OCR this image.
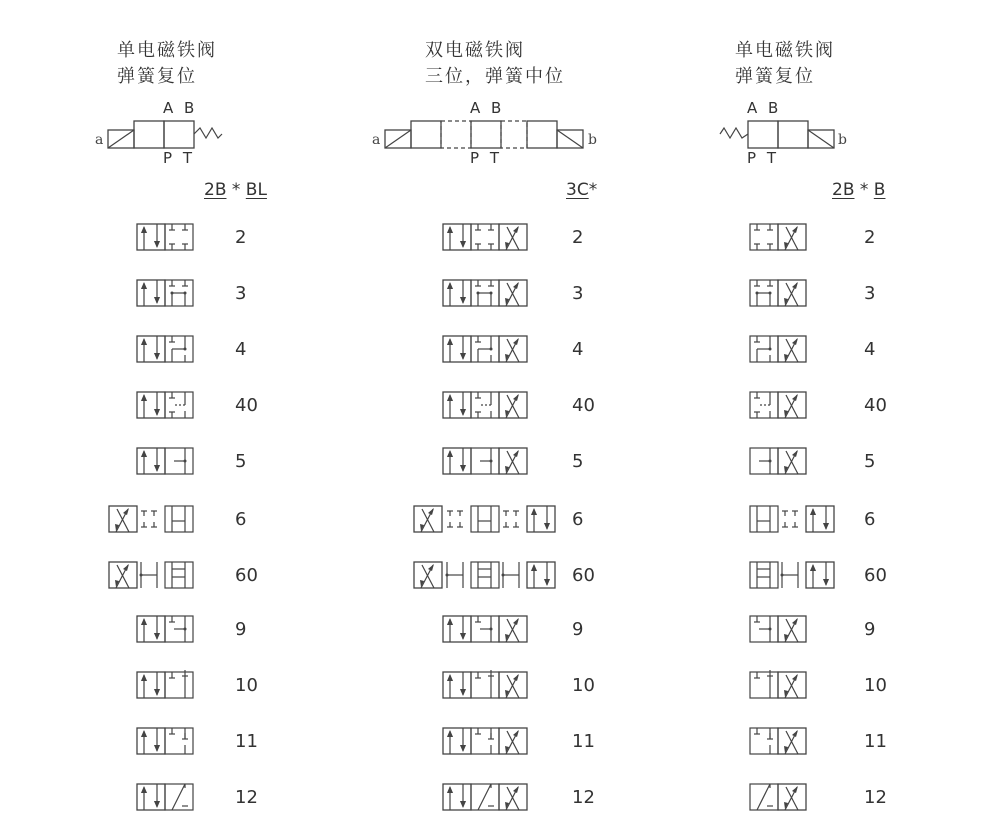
单电磁铁阀
弹簧复位
双电磁铁阀
三位，弹簧中位
单电磁铁阀
弹簧复位
A B
P T
A B
P T
A B
P T
a	a	b	b
2B * BL	3C*	2B * B
2	2	2
3	3	3
4	4	4
40	40	40
5	5	5
6	6	6
60	60	60
9	9	9
10	10	10
11	11	11
12	12	12
